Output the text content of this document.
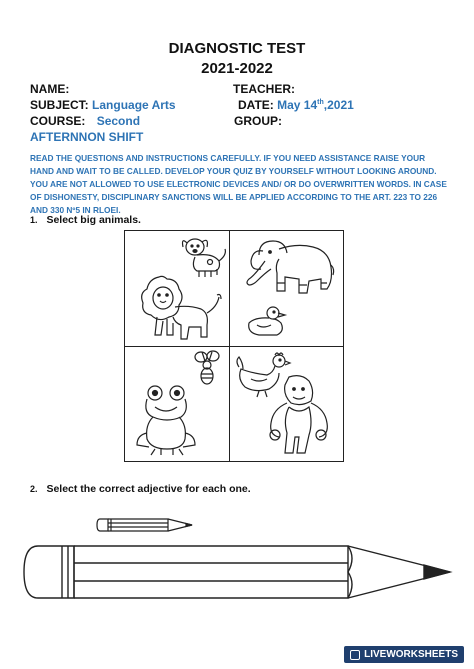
DIAGNOSTIC TEST
2021-2022
NAME:	TEACHER:
SUBJECT: Language Arts	DATE: May 14th,2021
COURSE: Second	GROUP:
AFTERNNON SHIFT
READ THE QUESTIONS AND INSTRUCTIONS CAREFULLY. IF YOU NEED ASSISTANCE RAISE YOUR HAND AND WAIT TO BE CALLED. DEVELOP YOUR QUIZ BY YOURSELF WITHOUT LOOKING AROUND. YOU ARE NOT ALLOWED TO USE ELECTRONIC DEVICES AND/ OR DO OVERWRITTEN WORDS. IN CASE OF DISHONESTY, DISCIPLINARY SANCTIONS WILL BE APPLIED ACCORDING TO THE ART. 223 TO 226 AND 330 Nº5 IN RLOEI.
1. Select big animals.
2. Select the correct adjective for each one.
LIVEWORKSHEETS
